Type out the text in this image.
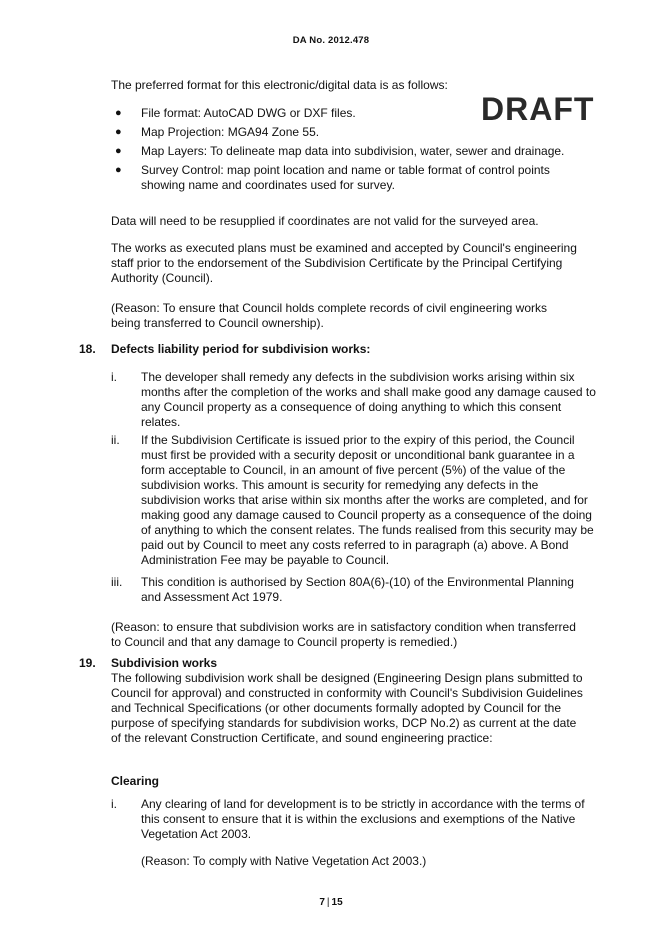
DA No. 2012.478
DRAFT
The preferred format for this electronic/digital data is as follows:
● File format: AutoCAD DWG or DXF files.
● Map Projection: MGA94 Zone 55.
● Map Layers: To delineate map data into subdivision, water, sewer and drainage.
● Survey Control: map point location and name or table format of control points showing name and coordinates used for survey.
Data will need to be resupplied if coordinates are not valid for the surveyed area.
The works as executed plans must be examined and accepted by Council's engineering staff prior to the endorsement of the Subdivision Certificate by the Principal Certifying Authority (Council).
(Reason: To ensure that Council holds complete records of civil engineering works being transferred to Council ownership).
18. Defects liability period for subdivision works:
i.	The developer shall remedy any defects in the subdivision works arising within six months after the completion of the works and shall make good any damage caused to any Council property as a consequence of doing anything to which this consent relates.
ii.	If the Subdivision Certificate is issued prior to the expiry of this period, the Council must first be provided with a security deposit or unconditional bank guarantee in a form acceptable to Council, in an amount of five percent (5%) of the value of the subdivision works. This amount is security for remedying any defects in the subdivision works that arise within six months after the works are completed, and for making good any damage caused to Council property as a consequence of the doing of anything to which the consent relates. The funds realised from this security may be paid out by Council to meet any costs referred to in paragraph (a) above. A Bond Administration Fee may be payable to Council.
iii.	This condition is authorised by Section 80A(6)-(10) of the Environmental Planning and Assessment Act 1979.
(Reason: to ensure that subdivision works are in satisfactory condition when transferred to Council and that any damage to Council property is remedied.)
19. Subdivision works
The following subdivision work shall be designed (Engineering Design plans submitted to Council for approval) and constructed in conformity with Council's Subdivision Guidelines and Technical Specifications (or other documents formally adopted by Council for the purpose of specifying standards for subdivision works, DCP No.2) as current at the date of the relevant Construction Certificate, and sound engineering practice:
Clearing
i.	Any clearing of land for development is to be strictly in accordance with the terms of this consent to ensure that it is within the exclusions and exemptions of the Native Vegetation Act 2003.
(Reason: To comply with Native Vegetation Act 2003.)
7 | 15
